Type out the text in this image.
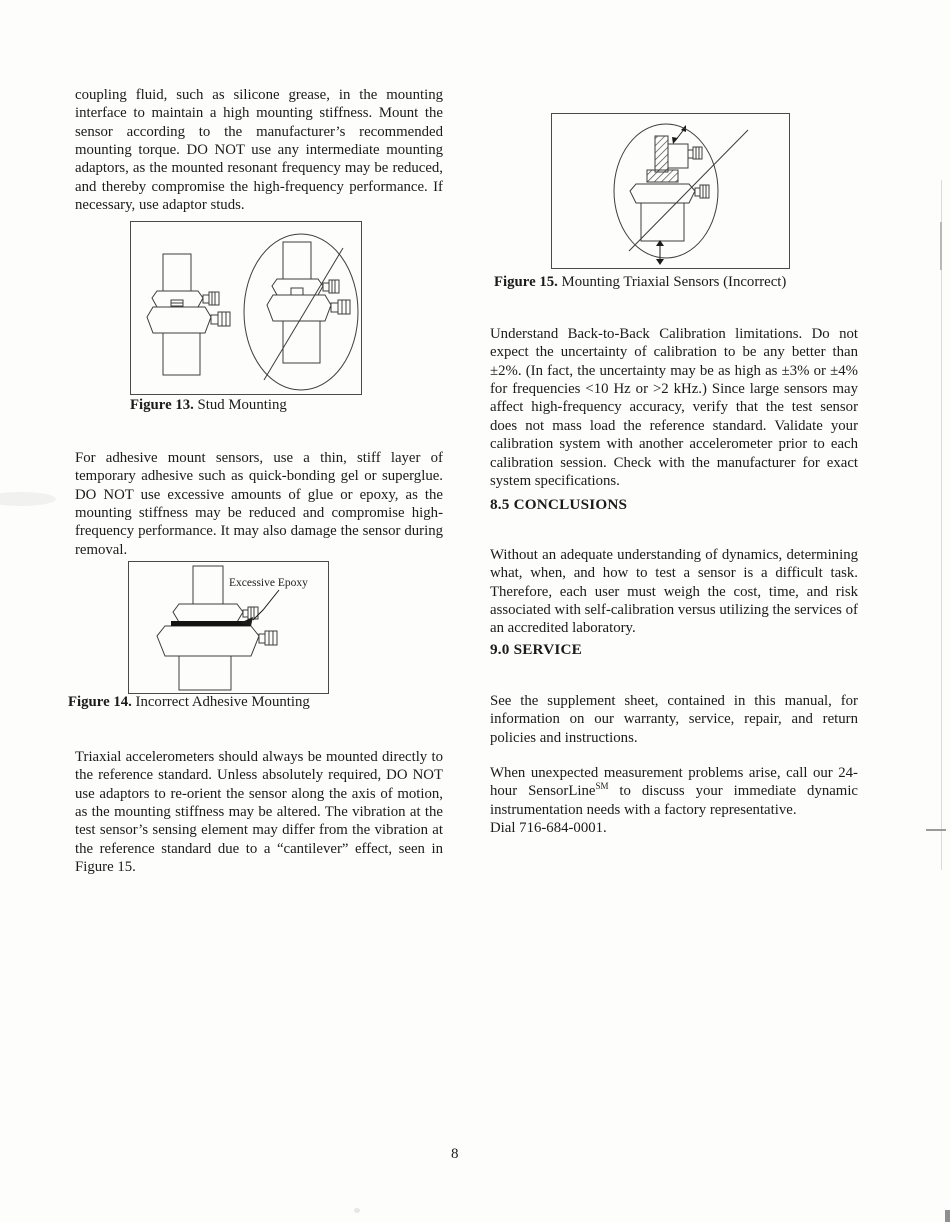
coupling fluid, such as silicone grease, in the mounting interface to maintain a high mounting stiffness. Mount the sensor according to the manufacturer’s recommended mounting torque. DO NOT use any intermediate mounting adaptors, as the mounted resonant frequency may be reduced, and thereby compromise the high-frequency performance. If necessary, use adaptor studs.

Figure 13. Stud Mounting

For adhesive mount sensors, use a thin, stiff layer of temporary adhesive such as quick-bonding gel or superglue. DO NOT use excessive amounts of glue or epoxy, as the mounting stiffness may be reduced and compromise high-frequency performance. It may also damage the sensor during removal.

Excessive Epoxy
Figure 14. Incorrect Adhesive Mounting

Triaxial accelerometers should always be mounted directly to the reference standard. Unless absolutely required, DO NOT use adaptors to re-orient the sensor along the axis of motion, as the mounting stiffness may be altered. The vibration at the test sensor’s sensing element may differ from the vibration at the reference standard due to a “cantilever” effect, seen in Figure 15.

Figure 15. Mounting Triaxial Sensors (Incorrect)

Understand Back-to-Back Calibration limitations. Do not expect the uncertainty of calibration to be any better than ±2%. (In fact, the uncertainty may be as high as ±3% or ±4% for frequencies <10 Hz or >2 kHz.) Since large sensors may affect high-frequency accuracy, verify that the test sensor does not mass load the reference standard. Validate your calibration system with another accelerometer prior to each calibration session. Check with the manufacturer for exact system specifications.

8.5 CONCLUSIONS

Without an adequate understanding of dynamics, determining what, when, and how to test a sensor is a difficult task. Therefore, each user must weigh the cost, time, and risk associated with self-calibration versus utilizing the services of an accredited laboratory.

9.0 SERVICE

See the supplement sheet, contained in this manual, for information on our warranty, service, repair, and return policies and instructions.

When unexpected measurement problems arise, call our 24-hour SensorLine℠ to discuss your immediate dynamic instrumentation needs with a factory representative.
Dial 716-684-0001.

8
